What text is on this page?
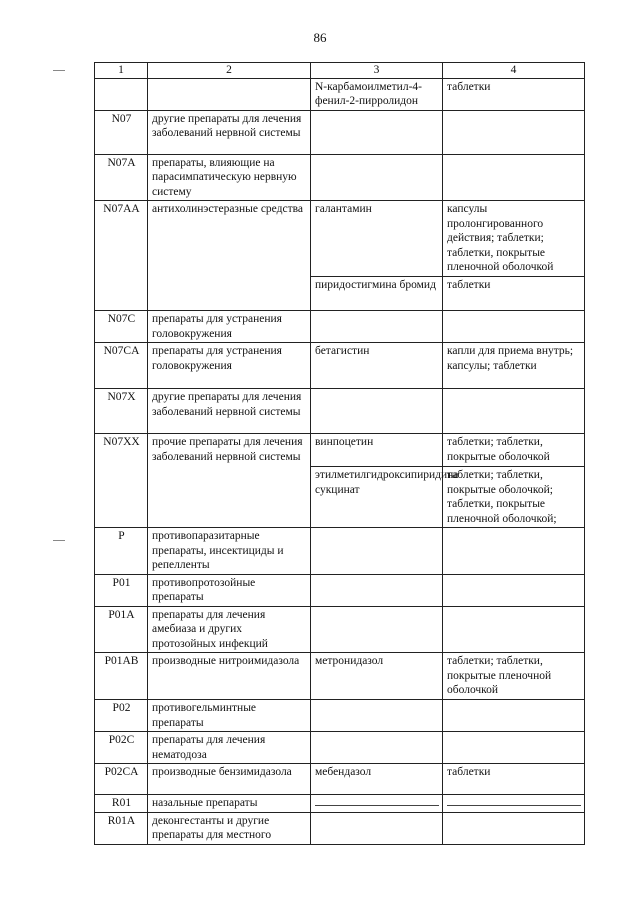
86
1	2	3	4
		N-карбамоилметил-4-фенил-2-пирролидон	таблетки
N07	другие препараты для лечения заболеваний нервной системы		
N07A	препараты, влияющие на парасимпатическую нервную систему		
N07AA	антихолинэстеразные средства	галантамин	капсулы пролонгированного действия; таблетки; таблетки, покрытые пленочной оболочкой
		пиридостигмина бромид	таблетки
N07C	препараты для устранения головокружения		
N07CA	препараты для устранения головокружения	бетагистин	капли для приема внутрь; капсулы; таблетки
N07X	другие препараты для лечения заболеваний нервной системы		
N07XX	прочие препараты для лечения заболеваний нервной системы	винпоцетин	таблетки; таблетки, покрытые оболочкой
		этилметилгидроксипиридина сукцинат	таблетки; таблетки, покрытые оболочкой; таблетки, покрытые пленочной оболочкой;
P	противопаразитарные препараты, инсектициды и репелленты		
P01	противопротозойные препараты		
P01A	препараты для лечения амебиаза и других протозойных инфекций		
P01AB	производные нитроимидазола	метронидазол	таблетки; таблетки, покрытые пленочной оболочкой
P02	противогельминтные препараты		
P02C	препараты для лечения нематодоза		
P02CA	производные бензимидазола	мебендазол	таблетки
R01	назальные препараты		
R01A	деконгестанты и другие препараты для местного		
